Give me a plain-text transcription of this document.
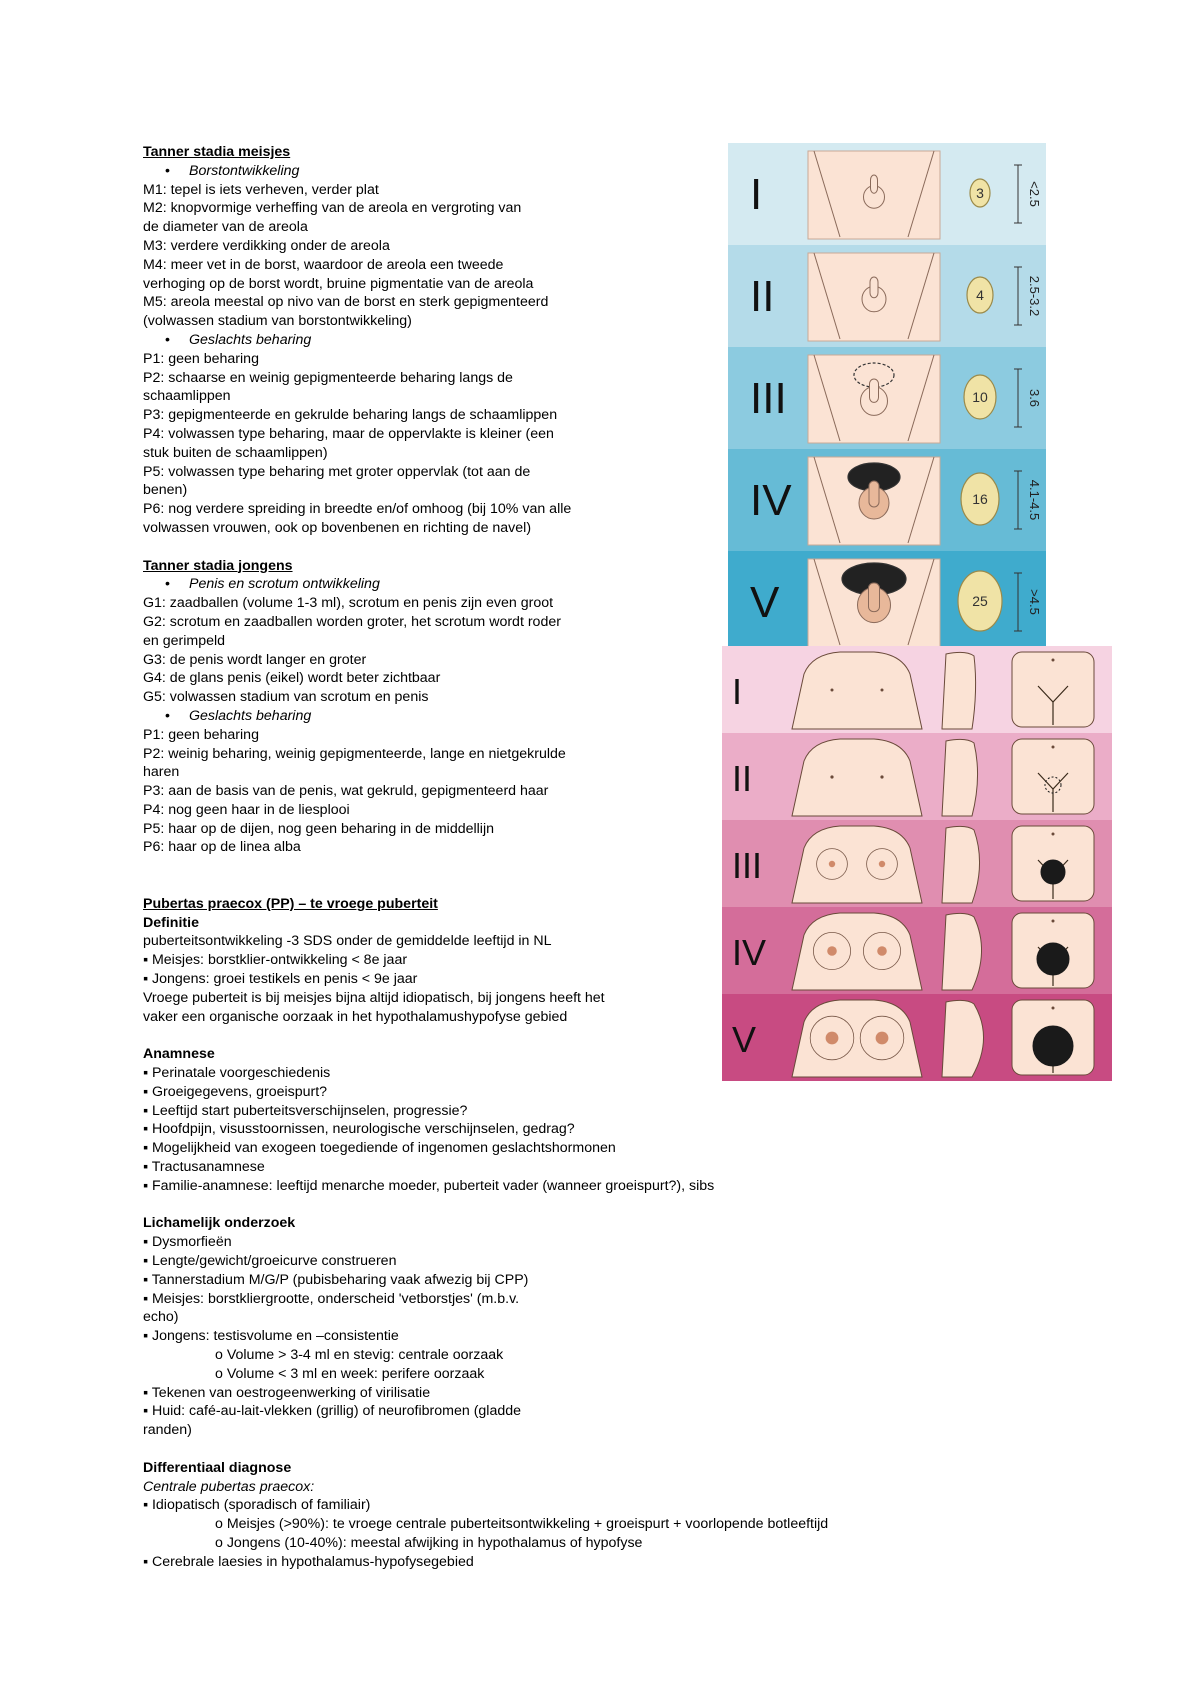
Tanner stadia meisjes
• Borstontwikkeling
M1: tepel is iets verheven, verder plat
M2: knopvormige verheffing van de areola en vergroting van
de diameter van de areola
M3: verdere verdikking onder de areola
M4: meer vet in de borst, waardoor de areola een tweede
verhoging op de borst wordt, bruine pigmentatie van de areola
M5: areola meestal op nivo van de borst en sterk gepigmenteerd
(volwassen stadium van borstontwikkeling)
• Geslachts beharing
P1: geen beharing
P2: schaarse en weinig gepigmenteerde beharing langs de
schaamlippen
P3: gepigmenteerde en gekrulde beharing langs de schaamlippen
P4: volwassen type beharing, maar de oppervlakte is kleiner (een
stuk buiten de schaamlippen)
P5: volwassen type beharing met groter oppervlak (tot aan de
benen)
P6: nog verdere spreiding in breedte en/of omhoog (bij 10% van alle
volwassen vrouwen, ook op bovenbenen en richting de navel)
Tanner stadia jongens
• Penis en scrotum ontwikkeling
G1: zaadballen (volume 1-3 ml), scrotum en penis zijn even groot
G2: scrotum en zaadballen worden groter, het scrotum wordt roder
en gerimpeld
G3: de penis wordt langer en groter
G4: de glans penis (eikel) wordt beter zichtbaar
G5: volwassen stadium van scrotum en penis
• Geslachts beharing
P1: geen beharing
P2: weinig beharing, weinig gepigmenteerde, lange en nietgekrulde
haren
P3: aan de basis van de penis, wat gekruld, gepigmenteerd haar
P4: nog geen haar in de liesplooi
P5: haar op de dijen, nog geen beharing in de middellijn
P6: haar op de linea alba
Pubertas praecox (PP) – te vroege puberteit
Definitie
puberteitsontwikkeling -3 SDS onder de gemiddelde leeftijd in NL
▪ Meisjes: borstklier-ontwikkeling < 8e jaar
▪ Jongens: groei testikels en penis < 9e jaar
Vroege puberteit is bij meisjes bijna altijd idiopatisch, bij jongens heeft het
vaker een organische oorzaak in het hypothalamushypofyse gebied
Anamnese
▪ Perinatale voorgeschiedenis
▪ Groeigegevens, groeispurt?
▪ Leeftijd start puberteitsverschijnselen, progressie?
▪ Hoofdpijn, visusstoornissen, neurologische verschijnselen, gedrag?
▪ Mogelijkheid van exogeen toegediende of ingenomen geslachtshormonen
▪ Tractusanamnese
▪ Familie-anamnese: leeftijd menarche moeder, puberteit vader (wanneer groeispurt?), sibs
Lichamelijk onderzoek
▪ Dysmorfieën
▪ Lengte/gewicht/groeicurve construeren
▪ Tannerstadium M/G/P (pubisbeharing vaak afwezig bij CPP)
▪ Meisjes: borstkliergrootte, onderscheid 'vetborstjes' (m.b.v.
echo)
▪ Jongens: testisvolume en –consistentie
o Volume > 3-4 ml en stevig: centrale oorzaak
o Volume < 3 ml en week: perifere oorzaak
▪ Tekenen van oestrogeenwerking of virilisatie
▪ Huid: café-au-lait-vlekken (grillig) of neurofibromen (gladde
randen)
Differentiaal diagnose
Centrale pubertas praecox:
▪ Idiopatisch (sporadisch of familiair)
o Meisjes (>90%): te vroege centrale puberteitsontwikkeling + groeispurt + voorlopende botleeftijd
o Jongens (10-40%): meestal afwijking in hypothalamus of hypofyse
▪ Cerebrale laesies in hypothalamus-hypofysegebied
I	3	<2.5
II	4	2.5-3.2
III	10	3.6
IV	16	4.1-4.5
V	25	>4.5
I
II
III
IV
V
